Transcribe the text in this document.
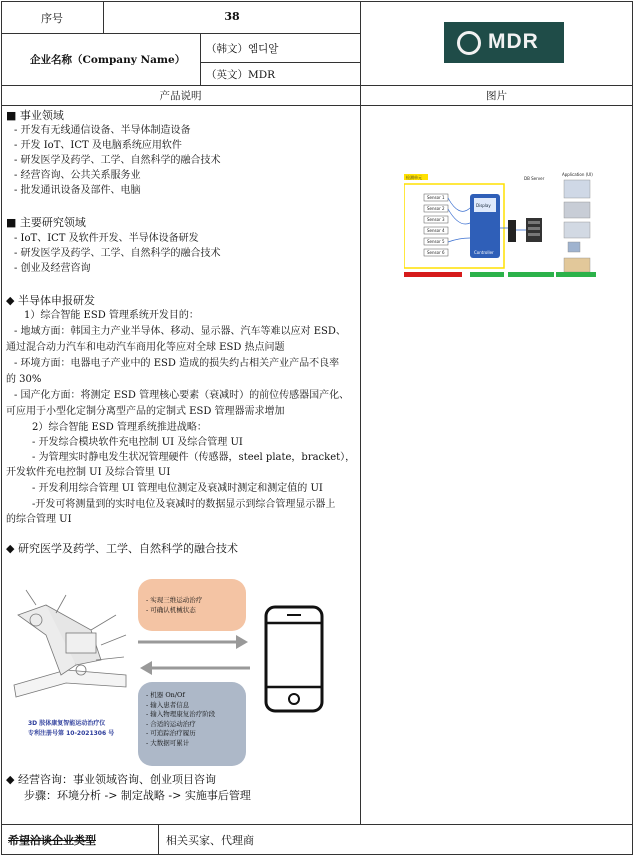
序号	38
企业名称（Company Name）
（韩文）엠디알
（英文）MDR
产品说明	图片
MDR
■ 事业领域
- 开发有无线通信设备、半导体制造设备
- 开发 IoT、ICT 及电脑系统应用软件
- 研发医学及药学、工学、自然科学的融合技术
- 经营咨询、公共关系服务业
- 批发通讯设备及部件、电脑
■ 主要研究领域
- IoT、ICT 及软件开发、半导体设备研发
- 研发医学及药学、工学、自然科学的融合技术
- 创业及经营咨询
◆ 半导体申报研发
1）综合智能 ESD 管理系统开发目的：
- 地域方面：韩国主力产业半导体、移动、显示器、汽车等难以应对 ESD、
通过混合动力汽车和电动汽车商用化等应对全球 ESD 热点问题
- 环境方面：电器电子产业中的 ESD 造成的损失约占相关产业产品不良率
的 30%
- 国产化方面：将测定 ESD 管理核心要素（衰减时）的前位传感器国产化、
可应用于小型化定制分离型产品的定制式 ESD 管理器需求增加
2）综合智能 ESD 管理系统推进战略：
- 开发综合模块软件充电控制 UI 及综合管理 UI
- 为管理实时静电发生状况管理硬件（传感器，steel plate，bracket），
开发软件充电控制 UI 及综合管里 UI
- 开发利用综合管理 UI 管理电位测定及衰减时测定和测定值的 UI
-开发可将测量到的实时电位及衰减时的数据显示到综合管理显示器上
的综合管理 UI
◆ 研究医学及药学、工学、自然科学的融合技术
◆ 经营咨询：事业领域咨询、创业项目咨询
步骤：环境分析 -> 制定战略 -> 实施事后管理
3D 肢体康复智能运动治疗仪
专利注册号第 10-2021306 号
- 实现三维运动治疗
- 可确认机械状态
- 机器 On/Of
- 输入患者信息
- 输入物理康复治疗阶段
- 合适的运动治疗
- 可追踪治疗履历
- 大数据可累计
检测单元
Sensor 1
Sensor 2
Sensor 3
Sensor 4
Sensor 5
Sensor 6
Display
Controller
DB Server
Application (UI)
希望洽谈企业类型	相关买家、代理商
